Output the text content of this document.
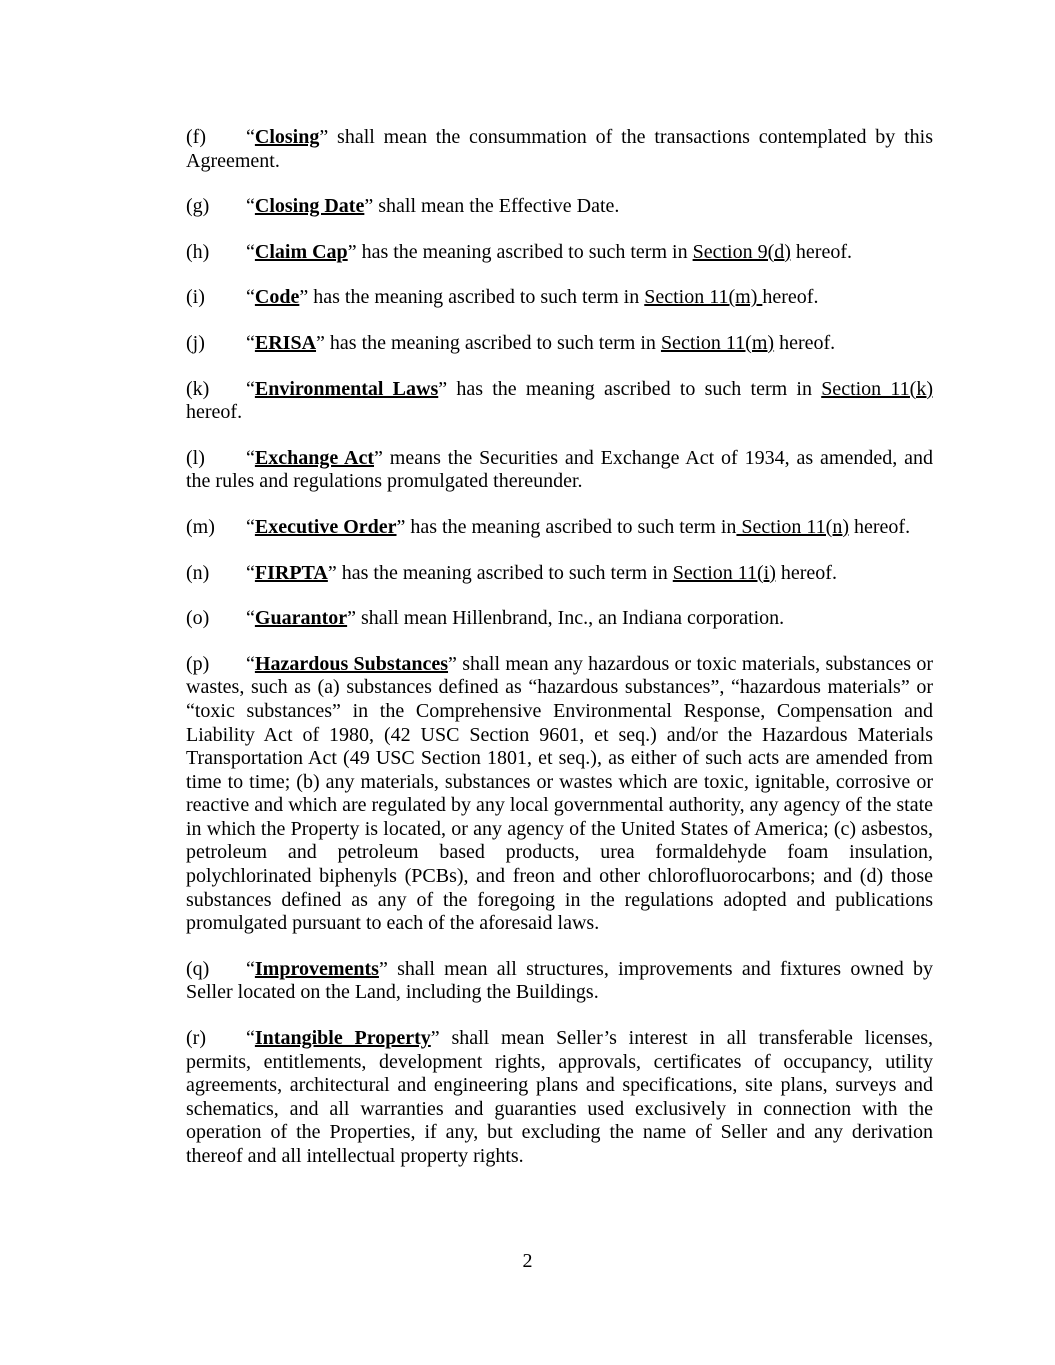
(f) “Closing” shall mean the consummation of the transactions contemplated by this Agreement.

(g) “Closing Date” shall mean the Effective Date.

(h) “Claim Cap” has the meaning ascribed to such term in Section 9(d) hereof.

(i) “Code” has the meaning ascribed to such term in Section 11(m) hereof.

(j) “ERISA” has the meaning ascribed to such term in Section 11(m) hereof.

(k) “Environmental Laws” has the meaning ascribed to such term in Section 11(k) hereof.

(l) “Exchange Act” means the Securities and Exchange Act of 1934, as amended, and the rules and regulations promulgated thereunder.

(m) “Executive Order” has the meaning ascribed to such term in Section 11(n) hereof.

(n) “FIRPTA” has the meaning ascribed to such term in Section 11(i) hereof.

(o) “Guarantor” shall mean Hillenbrand, Inc., an Indiana corporation.

(p) “Hazardous Substances” shall mean any hazardous or toxic materials, substances or wastes, such as (a) substances defined as “hazardous substances”, “hazardous materials” or “toxic substances” in the Comprehensive Environmental Response, Compensation and Liability Act of 1980, (42 USC Section 9601, et seq.) and/or the Hazardous Materials Transportation Act (49 USC Section 1801, et seq.), as either of such acts are amended from time to time; (b) any materials, substances or wastes which are toxic, ignitable, corrosive or reactive and which are regulated by any local governmental authority, any agency of the state in which the Property is located, or any agency of the United States of America; (c) asbestos, petroleum and petroleum based products, urea formaldehyde foam insulation, polychlorinated biphenyls (PCBs), and freon and other chlorofluorocarbons; and (d) those substances defined as any of the foregoing in the regulations adopted and publications promulgated pursuant to each of the aforesaid laws.

(q) “Improvements” shall mean all structures, improvements and fixtures owned by Seller located on the Land, including the Buildings.

(r) “Intangible Property” shall mean Seller’s interest in all transferable licenses, permits, entitlements, development rights, approvals, certificates of occupancy, utility agreements, architectural and engineering plans and specifications, site plans, surveys and schematics, and all warranties and guaranties used exclusively in connection with the operation of the Properties, if any, but excluding the name of Seller and any derivation thereof and all intellectual property rights.

2
